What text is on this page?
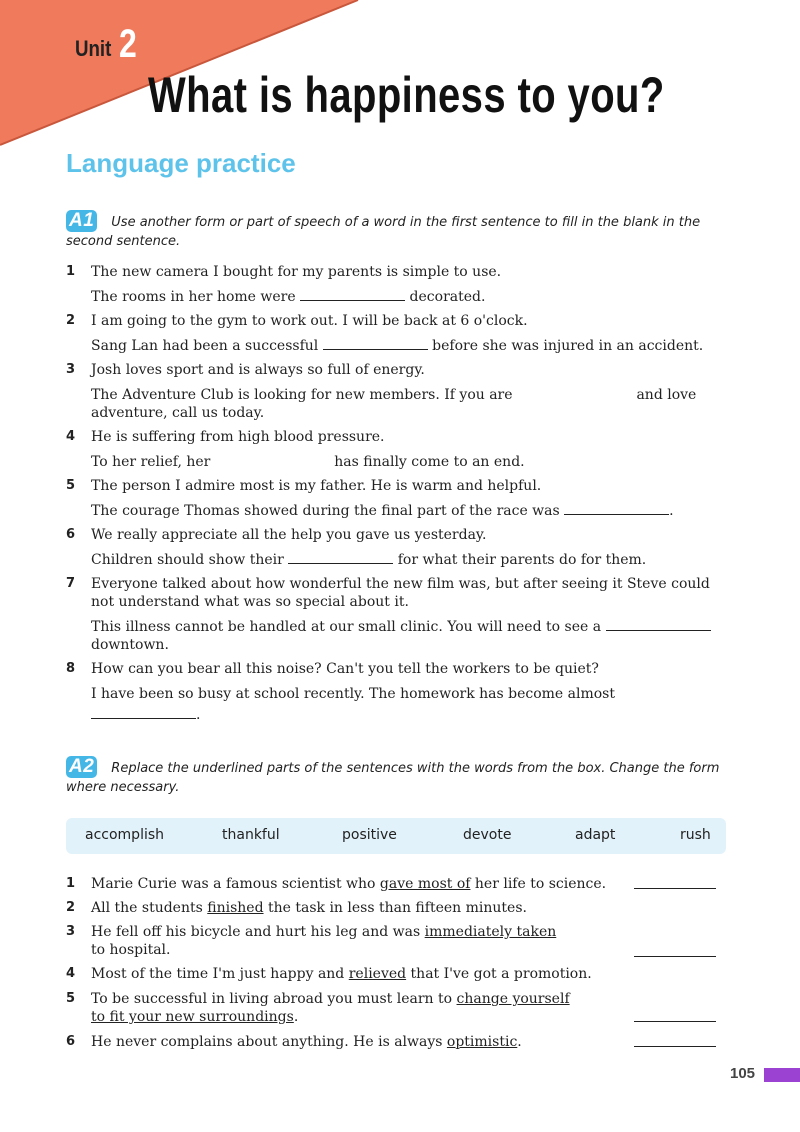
Unit 2
What is happiness to you?
Language practice
A1 Use another form or part of speech of a word in the first sentence to fill in the blank in the second sentence.
1 The new camera I bought for my parents is simple to use.
The rooms in her home were	decorated.
2 I am going to the gym to work out. I will be back at 6 o'clock.
Sang Lan had been a successful	before she was injured in an accident.
3 Josh loves sport and is always so full of energy.
The Adventure Club is looking for new members. If you are	and love
adventure, call us today.
4 He is suffering from high blood pressure.
To her relief, her	has finally come to an end.
5 The person I admire most is my father. He is warm and helpful.
The courage Thomas showed during the final part of the race was	.
6 We really appreciate all the help you gave us yesterday.
Children should show their	for what their parents do for them.
7 Everyone talked about how wonderful the new film was, but after seeing it Steve could
not understand what was so special about it.
This illness cannot be handled at our small clinic. You will need to see a
downtown.
8 How can you bear all this noise? Can't you tell the workers to be quiet?
I have been so busy at school recently. The homework has become almost
.
A2 Replace the underlined parts of the sentences with the words from the box. Change the form where necessary.
accomplish	thankful	positive	devote	adapt	rush
1 Marie Curie was a famous scientist who gave most of her life to science.
2 All the students finished the task in less than fifteen minutes.
3 He fell off his bicycle and hurt his leg and was immediately taken
to hospital.
4 Most of the time I'm just happy and relieved that I've got a promotion.
5 To be successful in living abroad you must learn to change yourself
to fit your new surroundings.
6 He never complains about anything. He is always optimistic.
105
